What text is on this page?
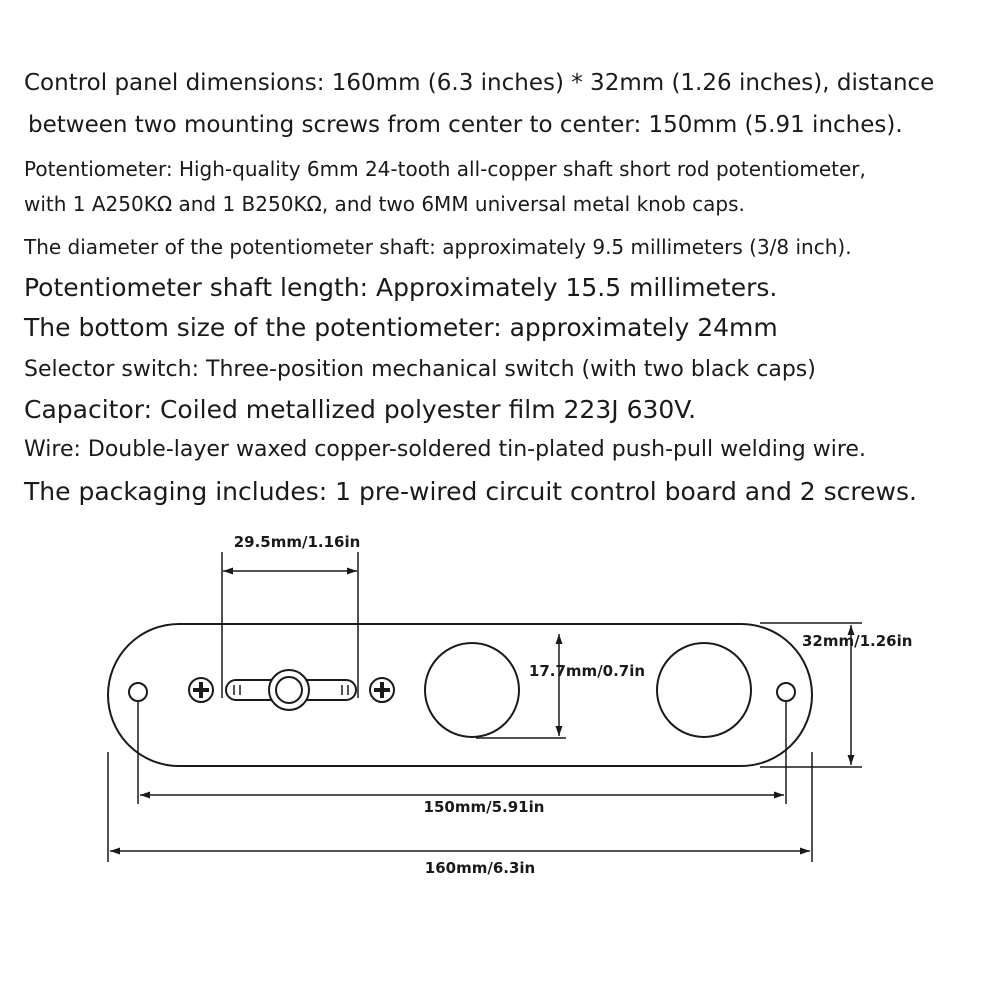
Control panel dimensions: 160mm (6.3 inches) * 32mm (1.26 inches), distance
between two mounting screws from center to center: 150mm (5.91 inches).
Potentiometer: High-quality 6mm 24-tooth all-copper shaft short rod potentiometer,
with 1 A250KΩ and 1 B250KΩ, and two 6MM universal metal knob caps.
The diameter of the potentiometer shaft: approximately 9.5 millimeters (3/8 inch).
Potentiometer shaft length: Approximately 15.5 millimeters.
The bottom size of the potentiometer: approximately 24mm
Selector switch: Three-position mechanical switch (with two black caps)
Capacitor: Coiled metallized polyester film 223J 630V.
Wire: Double-layer waxed copper-soldered tin-plated push-pull welding wire.
The packaging includes: 1 pre-wired circuit control board and 2 screws.
29.5mm/1.16in
17.7mm/0.7in
32mm/1.26in
150mm/5.91in
160mm/6.3in
